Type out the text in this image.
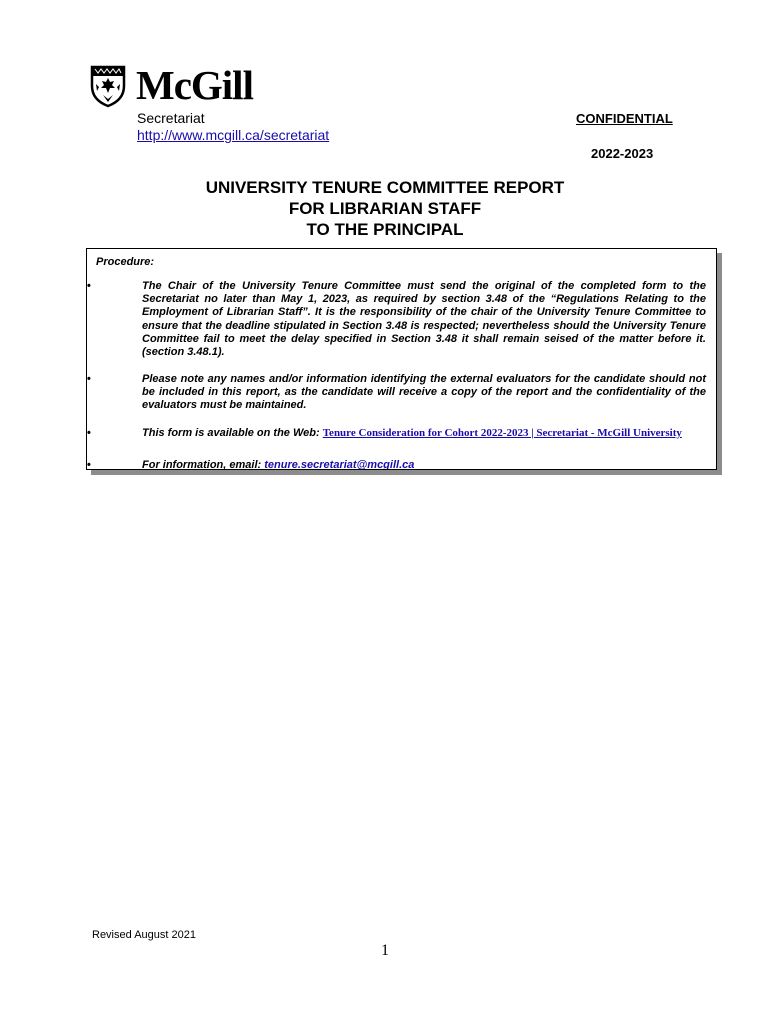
McGill
Secretariat
http://www.mcgill.ca/secretariat
CONFIDENTIAL
2022-2023
UNIVERSITY TENURE COMMITTEE REPORT
FOR LIBRARIAN STAFF
TO THE PRINCIPAL
Procedure:
•	The Chair of the University Tenure Committee must send the original of the completed form to the Secretariat no later than May 1, 2023, as required by section 3.48 of the “Regulations Relating to the Employment of Librarian Staff”. It is the responsibility of the chair of the University Tenure Committee to ensure that the deadline stipulated in Section 3.48 is respected; nevertheless should the University Tenure Committee fail to meet the delay specified in Section 3.48 it shall remain seised of the matter before it. (section 3.48.1).
•	Please note any names and/or information identifying the external evaluators for the candidate should not be included in this report, as the candidate will receive a copy of the report and the confidentiality of the evaluators must be maintained.
•	This form is available on the Web: Tenure Consideration for Cohort 2022-2023 | Secretariat - McGill University
•	For information, email: tenure.secretariat@mcgill.ca
Revised August 2021
1
